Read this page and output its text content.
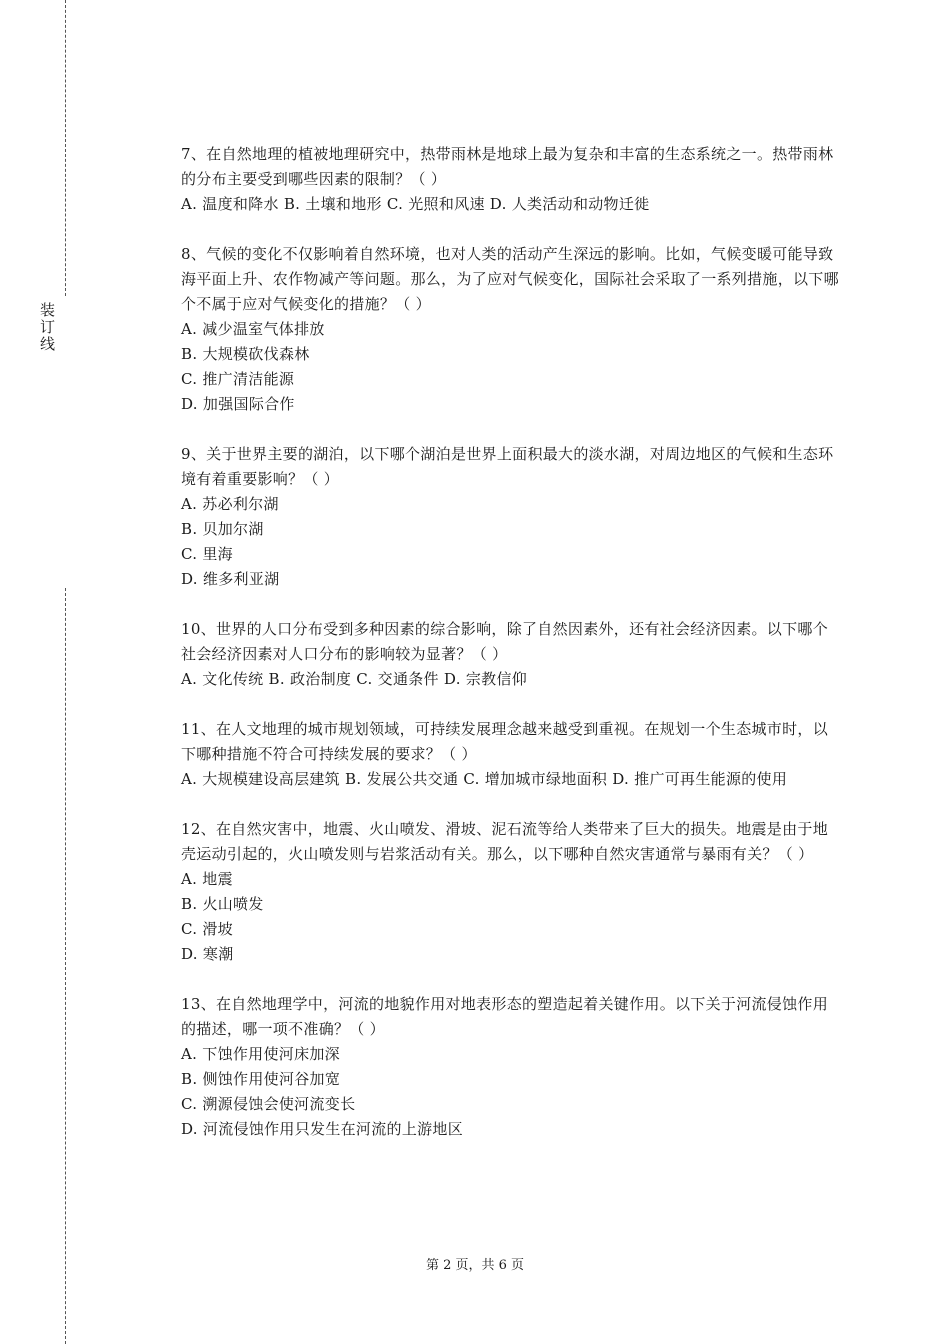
装订线

7、在自然地理的植被地理研究中，热带雨林是地球上最为复杂和丰富的生态系统之一。热带雨林的分布主要受到哪些因素的限制？（ ）

A. 温度和降水 B. 土壤和地形 C. 光照和风速 D. 人类活动和动物迁徙

8、气候的变化不仅影响着自然环境，也对人类的活动产生深远的影响。比如，气候变暖可能导致海平面上升、农作物减产等问题。那么，为了应对气候变化，国际社会采取了一系列措施，以下哪个不属于应对气候变化的措施？（ ）

A. 减少温室气体排放

B. 大规模砍伐森林

C. 推广清洁能源

D. 加强国际合作

9、关于世界主要的湖泊，以下哪个湖泊是世界上面积最大的淡水湖，对周边地区的气候和生态环境有着重要影响？（ ）

A. 苏必利尔湖

B. 贝加尔湖

C. 里海

D. 维多利亚湖

10、世界的人口分布受到多种因素的综合影响，除了自然因素外，还有社会经济因素。以下哪个社会经济因素对人口分布的影响较为显著？（ ）

A. 文化传统 B. 政治制度 C. 交通条件 D. 宗教信仰

11、在人文地理的城市规划领域，可持续发展理念越来越受到重视。在规划一个生态城市时，以下哪种措施不符合可持续发展的要求？（ ）

A. 大规模建设高层建筑 B. 发展公共交通 C. 增加城市绿地面积 D. 推广可再生能源的使用

12、在自然灾害中，地震、火山喷发、滑坡、泥石流等给人类带来了巨大的损失。地震是由于地壳运动引起的，火山喷发则与岩浆活动有关。那么，以下哪种自然灾害通常与暴雨有关？（ ）

A. 地震

B. 火山喷发

C. 滑坡

D. 寒潮

13、在自然地理学中，河流的地貌作用对地表形态的塑造起着关键作用。以下关于河流侵蚀作用的描述，哪一项不准确？（ ）

A. 下蚀作用使河床加深

B. 侧蚀作用使河谷加宽

C. 溯源侵蚀会使河流变长

D. 河流侵蚀作用只发生在河流的上游地区

第 2 页，共 6 页
